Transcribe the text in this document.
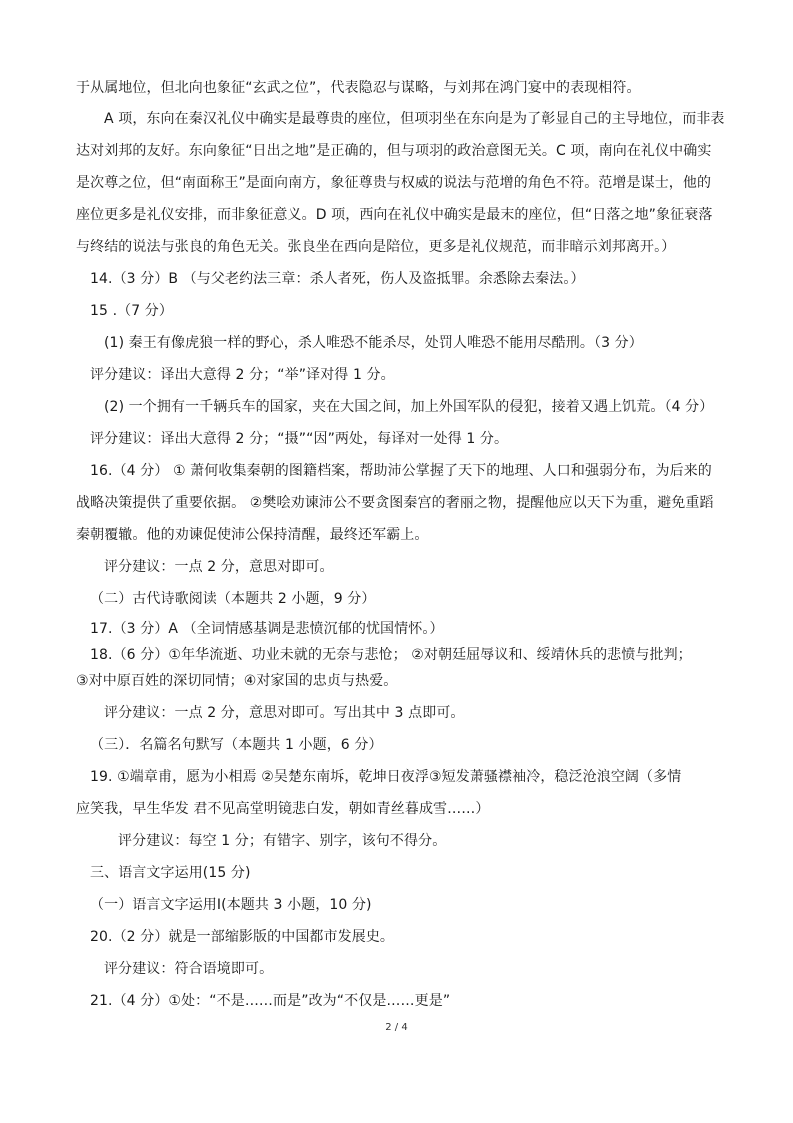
于从属地位，但北向也象征“玄武之位”，代表隐忍与谋略，与刘邦在鸿门宴中的表现相符。
A 项，东向在秦汉礼仪中确实是最尊贵的座位，但项羽坐在东向是为了彰显自己的主导地位，而非表
达对刘邦的友好。东向象征“日出之地”是正确的，但与项羽的政治意图无关。C 项，南向在礼仪中确实
是次尊之位，但“南面称王”是面向南方，象征尊贵与权威的说法与范增的角色不符。范增是谋士，他的
座位更多是礼仪安排，而非象征意义。D 项，西向在礼仪中确实是最末的座位，但“日落之地”象征衰落
与终结的说法与张良的角色无关。张良坐在西向是陪位，更多是礼仪规范，而非暗示刘邦离开。）
14.（3 分）B （与父老约法三章：杀人者死，伤人及盗抵罪。余悉除去秦法。）
15 .（7 分）
(1) 秦王有像虎狼一样的野心，杀人唯恐不能杀尽，处罚人唯恐不能用尽酷刑。（3 分）
评分建议：译出大意得 2 分；“举”译对得 1 分。
(2) 一个拥有一千辆兵车的国家，夹在大国之间，加上外国军队的侵犯，接着又遇上饥荒。（4 分）
评分建议：译出大意得 2 分；“摄”“因”两处，每译对一处得 1 分。
16.（4 分） ① 萧何收集秦朝的图籍档案，帮助沛公掌握了天下的地理、人口和强弱分布，为后来的
战略决策提供了重要依据。 ②樊哙劝谏沛公不要贪图秦宫的奢丽之物，提醒他应以天下为重，避免重蹈
秦朝覆辙。他的劝谏促使沛公保持清醒，最终还军霸上。
评分建议：一点 2 分，意思对即可。
（二）古代诗歌阅读（本题共 2 小题，9 分）
17.（3 分）A （全词情感基调是悲愤沉郁的忧国情怀。）
18.（6 分）①年华流逝、功业未就的无奈与悲怆； ②对朝廷屈辱议和、绥靖休兵的悲愤与批判；
③对中原百姓的深切同情；④对家国的忠贞与热爱。
评分建议：一点 2 分，意思对即可。写出其中 3 点即可。
（三）．名篇名句默写（本题共 1 小题，6 分）
19. ①端章甫，愿为小相焉 ②吴楚东南坼，乾坤日夜浮③短发萧骚襟袖冷，稳泛沧浪空阔（多情
应笑我，早生华发 君不见高堂明镜悲白发，朝如青丝暮成雪……）
评分建议：每空 1 分；有错字、别字，该句不得分。
三、语言文字运用(15 分)
（一）语言文字运用Ⅰ(本题共 3 小题，10 分)
20.（2 分）就是一部缩影版的中国都市发展史。
评分建议：符合语境即可。
21.（4 分）①处：“不是……而是”改为“不仅是……更是”
2 / 4
